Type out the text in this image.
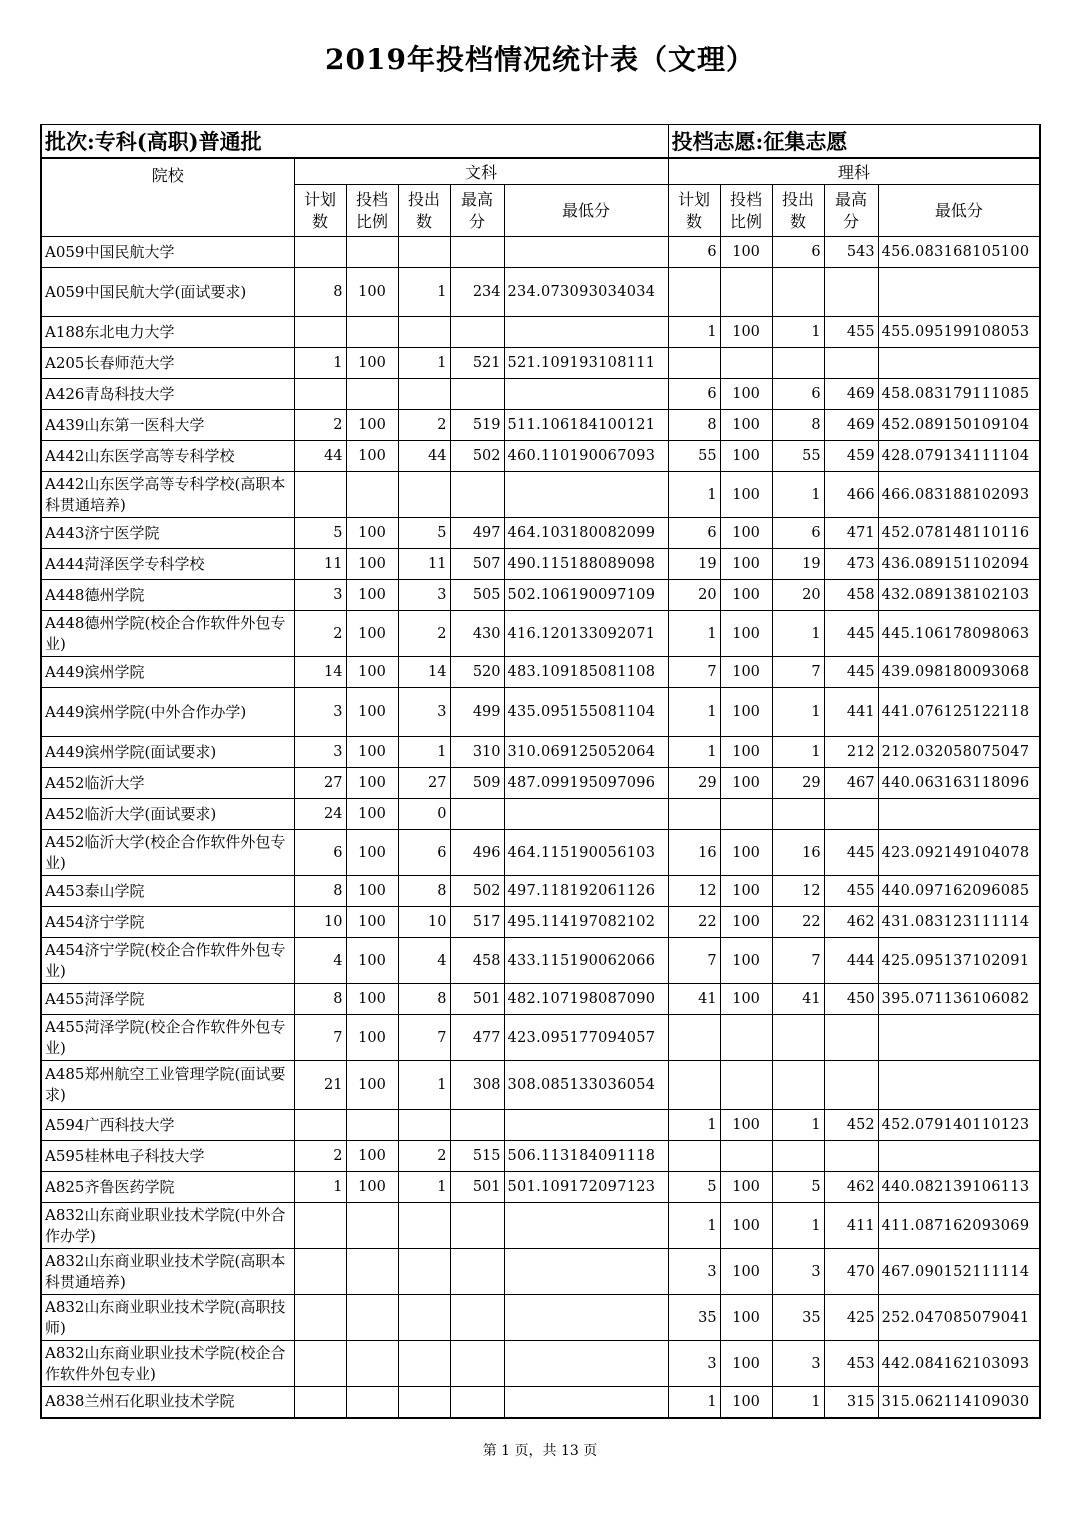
2019年投档情况统计表（文理）
批次:专科(高职)普通批						投档志愿:征集志愿				
院校	文科					理科				
	计划数	投档比例	投出数	最高分	最低分	计划数	投档比例	投出数	最高分	最低分
A059中国民航大学						6	100	6	543	456.083168105100
A059中国民航大学(面试要求)	8	100	1	234	234.073093034034					
A188东北电力大学						1	100	1	455	455.095199108053
A205长春师范大学	1	100	1	521	521.109193108111					
A426青岛科技大学						6	100	6	469	458.083179111085
A439山东第一医科大学	2	100	2	519	511.106184100121	8	100	8	469	452.089150109104
A442山东医学高等专科学校	44	100	44	502	460.110190067093	55	100	55	459	428.079134111104
A442山东医学高等专科学校(高职本科贯通培养)						1	100	1	466	466.083188102093
A443济宁医学院	5	100	5	497	464.103180082099	6	100	6	471	452.078148110116
A444菏泽医学专科学校	11	100	11	507	490.115188089098	19	100	19	473	436.089151102094
A448德州学院	3	100	3	505	502.106190097109	20	100	20	458	432.089138102103
A448德州学院(校企合作软件外包专业)	2	100	2	430	416.120133092071	1	100	1	445	445.106178098063
A449滨州学院	14	100	14	520	483.109185081108	7	100	7	445	439.098180093068
A449滨州学院(中外合作办学)	3	100	3	499	435.095155081104	1	100	1	441	441.076125122118
A449滨州学院(面试要求)	3	100	1	310	310.069125052064	1	100	1	212	212.032058075047
A452临沂大学	27	100	27	509	487.099195097096	29	100	29	467	440.063163118096
A452临沂大学(面试要求)	24	100	0							
A452临沂大学(校企合作软件外包专业)	6	100	6	496	464.115190056103	16	100	16	445	423.092149104078
A453泰山学院	8	100	8	502	497.118192061126	12	100	12	455	440.097162096085
A454济宁学院	10	100	10	517	495.114197082102	22	100	22	462	431.083123111114
A454济宁学院(校企合作软件外包专业)	4	100	4	458	433.115190062066	7	100	7	444	425.095137102091
A455菏泽学院	8	100	8	501	482.107198087090	41	100	41	450	395.071136106082
A455菏泽学院(校企合作软件外包专业)	7	100	7	477	423.095177094057					
A485郑州航空工业管理学院(面试要求)	21	100	1	308	308.085133036054					
A594广西科技大学						1	100	1	452	452.079140110123
A595桂林电子科技大学	2	100	2	515	506.113184091118					
A825齐鲁医药学院	1	100	1	501	501.109172097123	5	100	5	462	440.082139106113
A832山东商业职业技术学院(中外合作办学)						1	100	1	411	411.087162093069
A832山东商业职业技术学院(高职本科贯通培养)						3	100	3	470	467.090152111114
A832山东商业职业技术学院(高职技师)						35	100	35	425	252.047085079041
A832山东商业职业技术学院(校企合作软件外包专业)						3	100	3	453	442.084162103093
A838兰州石化职业技术学院						1	100	1	315	315.062114109030
第 1 页，共 13 页
